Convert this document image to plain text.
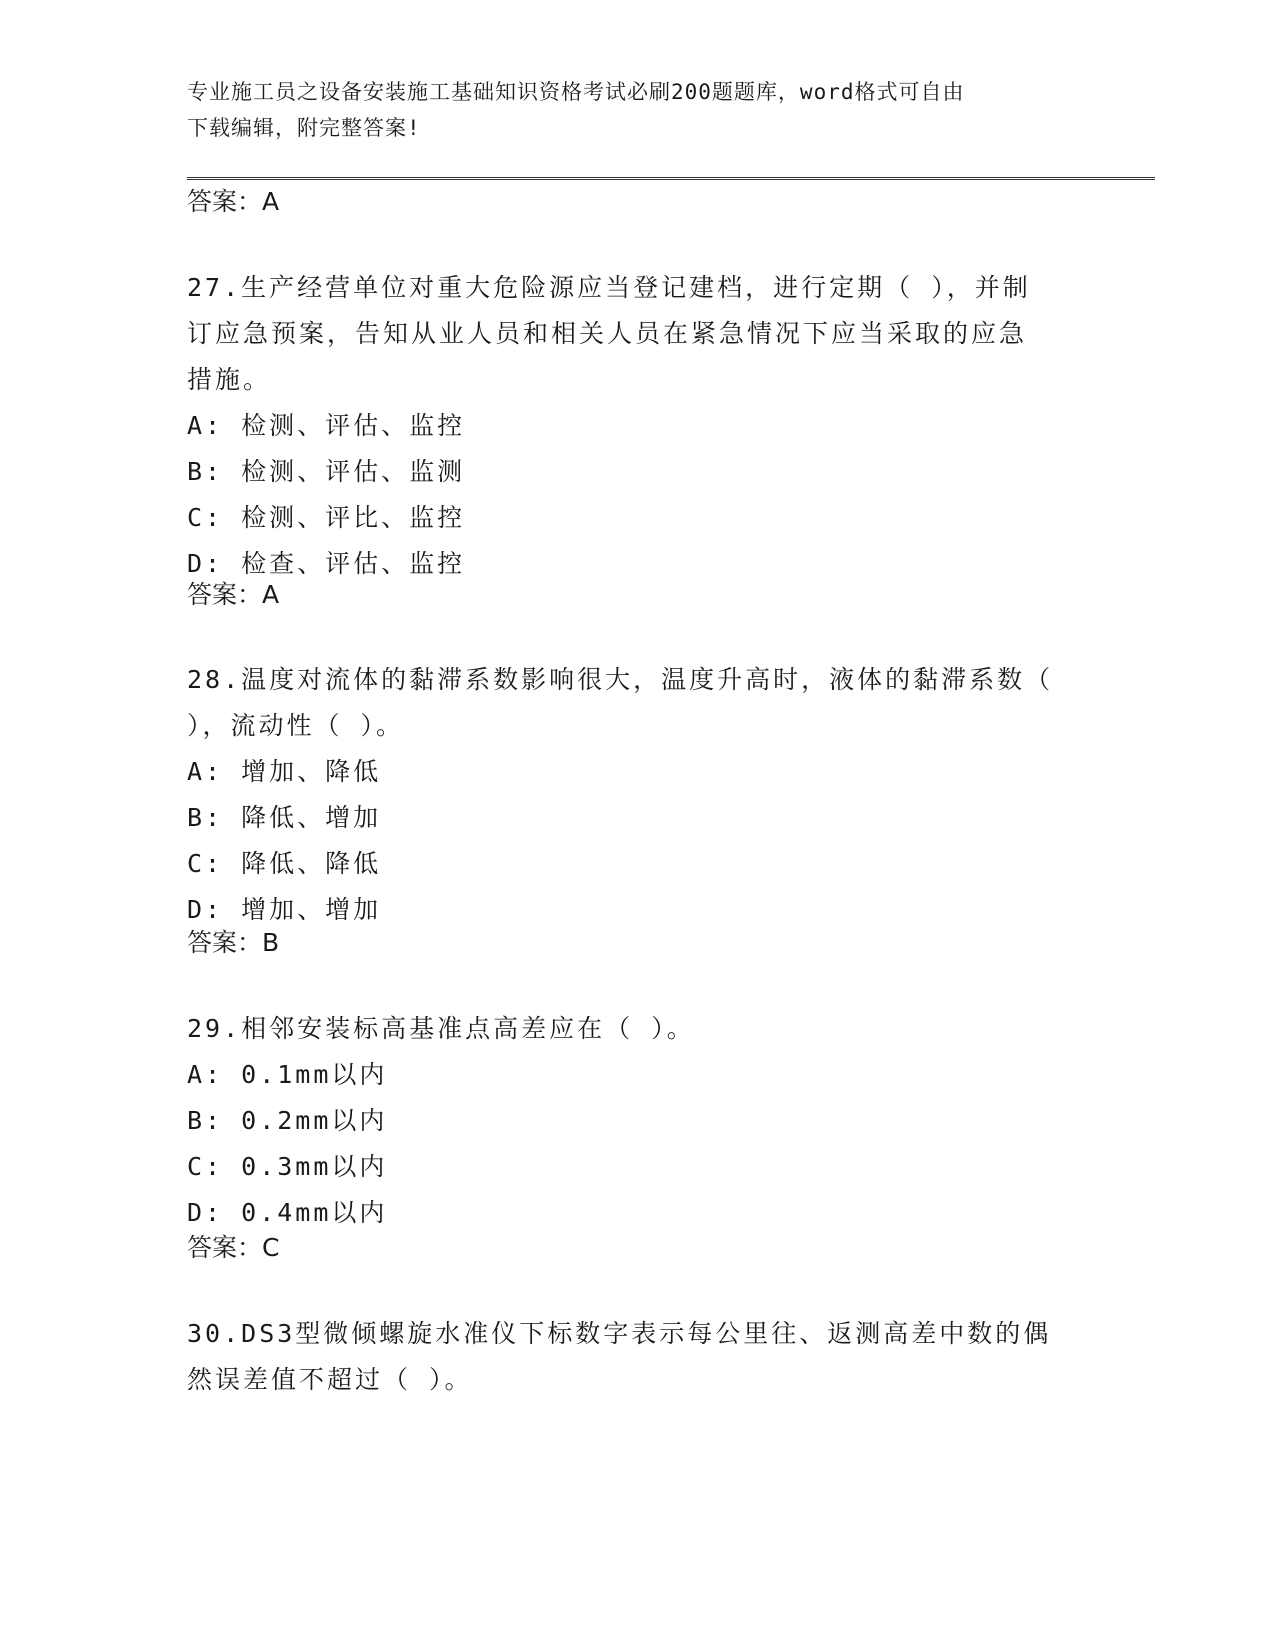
专业施工员之设备安装施工基础知识资格考试必刷200题题库，word格式可自由
下载编辑，附完整答案!
答案：A

27.生产经营单位对重大危险源应当登记建档，进行定期（ ），并制

订应急预案，告知从业人员和相关人员在紧急情况下应当采取的应急

措施。

A: 检测、评估、监控

B: 检测、评估、监测

C: 检测、评比、监控

D: 检查、评估、监控

答案：A

28.温度对流体的黏滞系数影响很大，温度升高时，液体的黏滞系数（

），流动性（ ）。

A: 增加、降低

B: 降低、增加

C: 降低、降低

D: 增加、增加

答案：B

29.相邻安装标高基准点高差应在（ ）。

A: 0.1mm以内

B: 0.2mm以内

C: 0.3mm以内

D: 0.4mm以内

答案：C

30.DS3型微倾螺旋水准仪下标数字表示每公里往、返测高差中数的偶

然误差值不超过（ ）。
